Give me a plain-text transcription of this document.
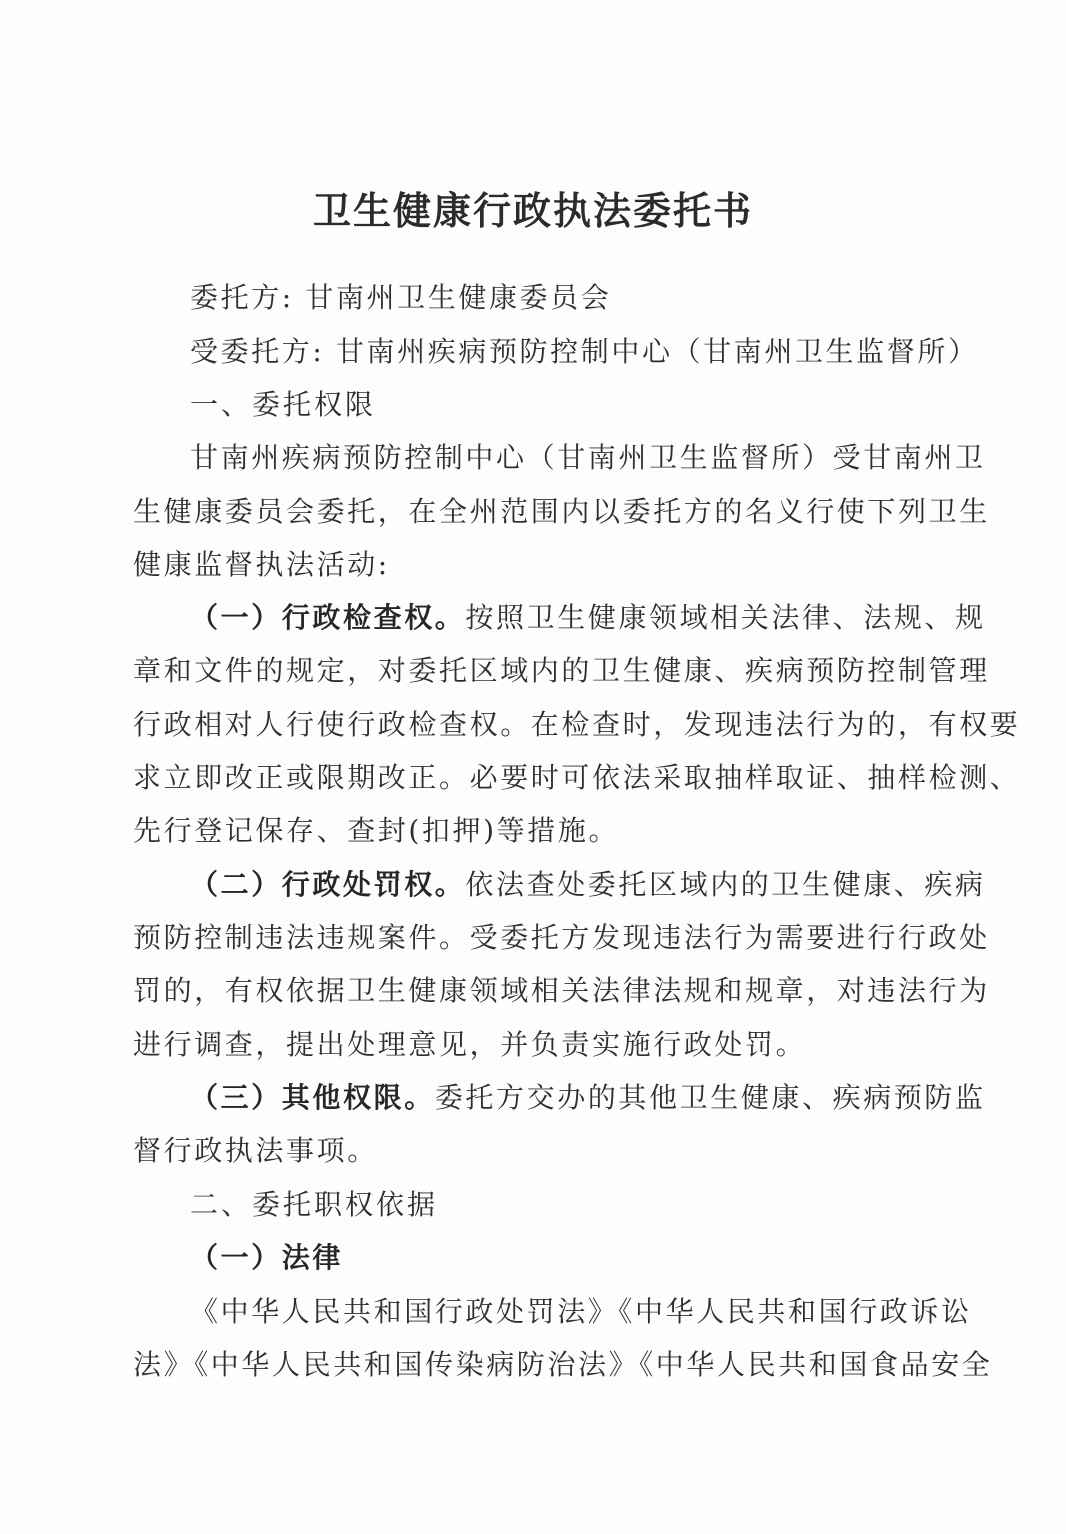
卫生健康行政执法委托书
委托方: 甘南州卫生健康委员会
受委托方: 甘南州疾病预防控制中心（甘南州卫生监督所）
一、委托权限
甘南州疾病预防控制中心（甘南州卫生监督所）受甘南州卫
生健康委员会委托，在全州范围内以委托方的名义行使下列卫生
健康监督执法活动:
（一）行政检查权。按照卫生健康领域相关法律、法规、规
章和文件的规定，对委托区域内的卫生健康、疾病预防控制管理
行政相对人行使行政检查权。在检查时，发现违法行为的，有权要
求立即改正或限期改正。必要时可依法采取抽样取证、抽样检测、
先行登记保存、查封(扣押)等措施。
（二）行政处罚权。依法查处委托区域内的卫生健康、疾病
预防控制违法违规案件。受委托方发现违法行为需要进行行政处
罚的，有权依据卫生健康领域相关法律法规和规章，对违法行为
进行调查，提出处理意见，并负责实施行政处罚。
（三）其他权限。委托方交办的其他卫生健康、疾病预防监
督行政执法事项。
二、委托职权依据
（一）法律
《中华人民共和国行政处罚法》《中华人民共和国行政诉讼
法》《中华人民共和国传染病防治法》《中华人民共和国食品安全
